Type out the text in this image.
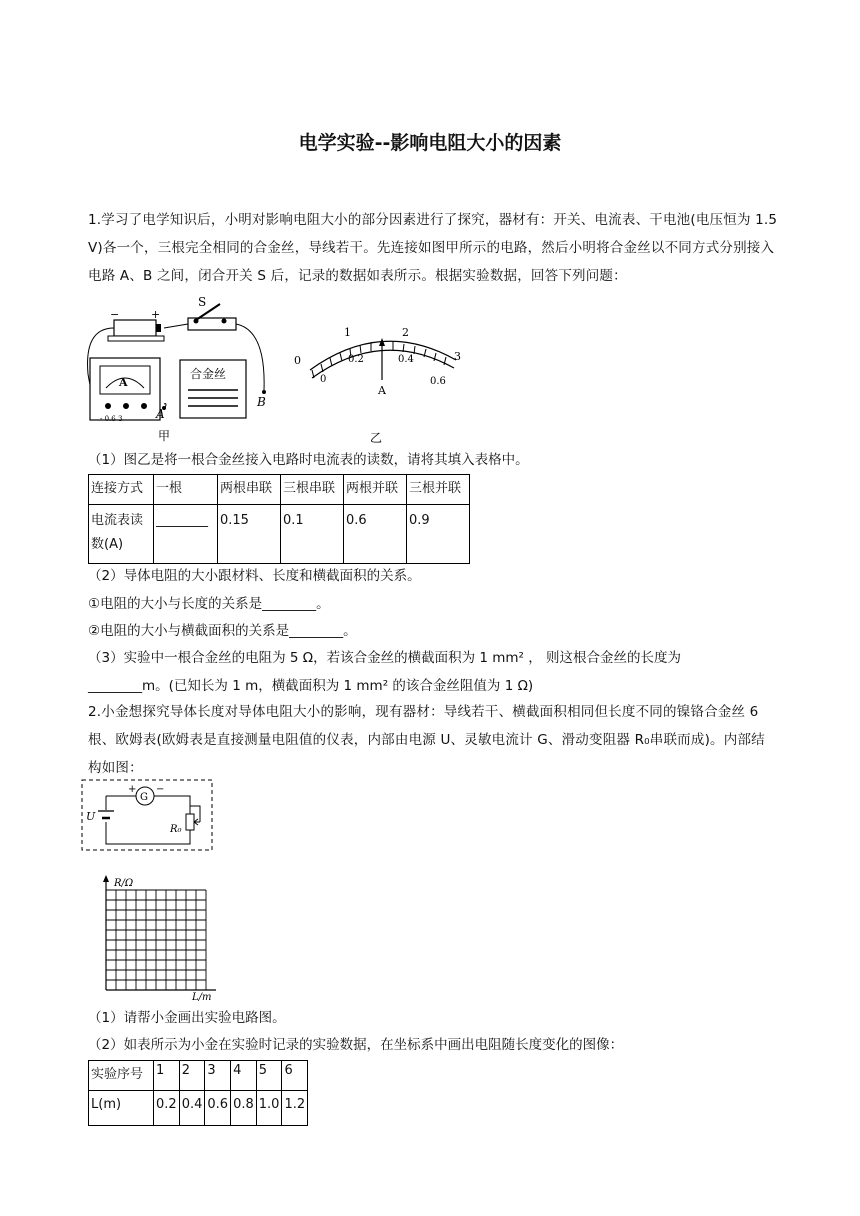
电学实验--影响电阻大小的因素
1.学习了电学知识后，小明对影响电阻大小的部分因素进行了探究，器材有：开关、电流表、干电池(电压恒为 1.5 V)各一个，三根完全相同的合金丝，导线若干。先连接如图甲所示的电路，然后小明将合金丝以不同方式分别接入电路 A、B 之间，闭合开关 S 后，记录的数据如表所示。根据实验数据，回答下列问题：
−	+
S
A
- 0.6 3
合金丝
B
A
甲
0
1	2
3
0
0.2	0.4
0.6
A
乙
（1）图乙是将一根合金丝接入电路时电流表的读数，请将其填入表格中。
连接方式	一根	两根串联	三根串联	两根并联	三根并联
电流表读数(A)	________	0.15	0.1	0.6	0.9
（2）导体电阻的大小跟材料、长度和横截面积的关系。
①电阻的大小与长度的关系是________。
②电阻的大小与横截面积的关系是________。
（3）实验中一根合金丝的电阻为 5 Ω，若该合金丝的横截面积为 1 mm² ， 则这根合金丝的长度为
________m。(已知长为 1 m，横截面积为 1 mm² 的该合金丝阻值为 1 Ω)
2.小金想探究导体长度对导体电阻大小的影响，现有器材：导线若干、横截面积相同但长度不同的镍铬合金丝 6 根、欧姆表(欧姆表是直接测量电阻值的仪表，内部由电源 U、灵敏电流计 G、滑动变阻器 R₀串联而成)。内部结构如图：
U
G
+ −
R₀
R/Ω
L/m
（1）请帮小金画出实验电路图。
（2）如表所示为小金在实验时记录的实验数据，在坐标系中画出电阻随长度变化的图像：
实验序号	1	2	3	4	5	6
L(m)	0.2	0.4	0.6	0.8	1.0	1.2
